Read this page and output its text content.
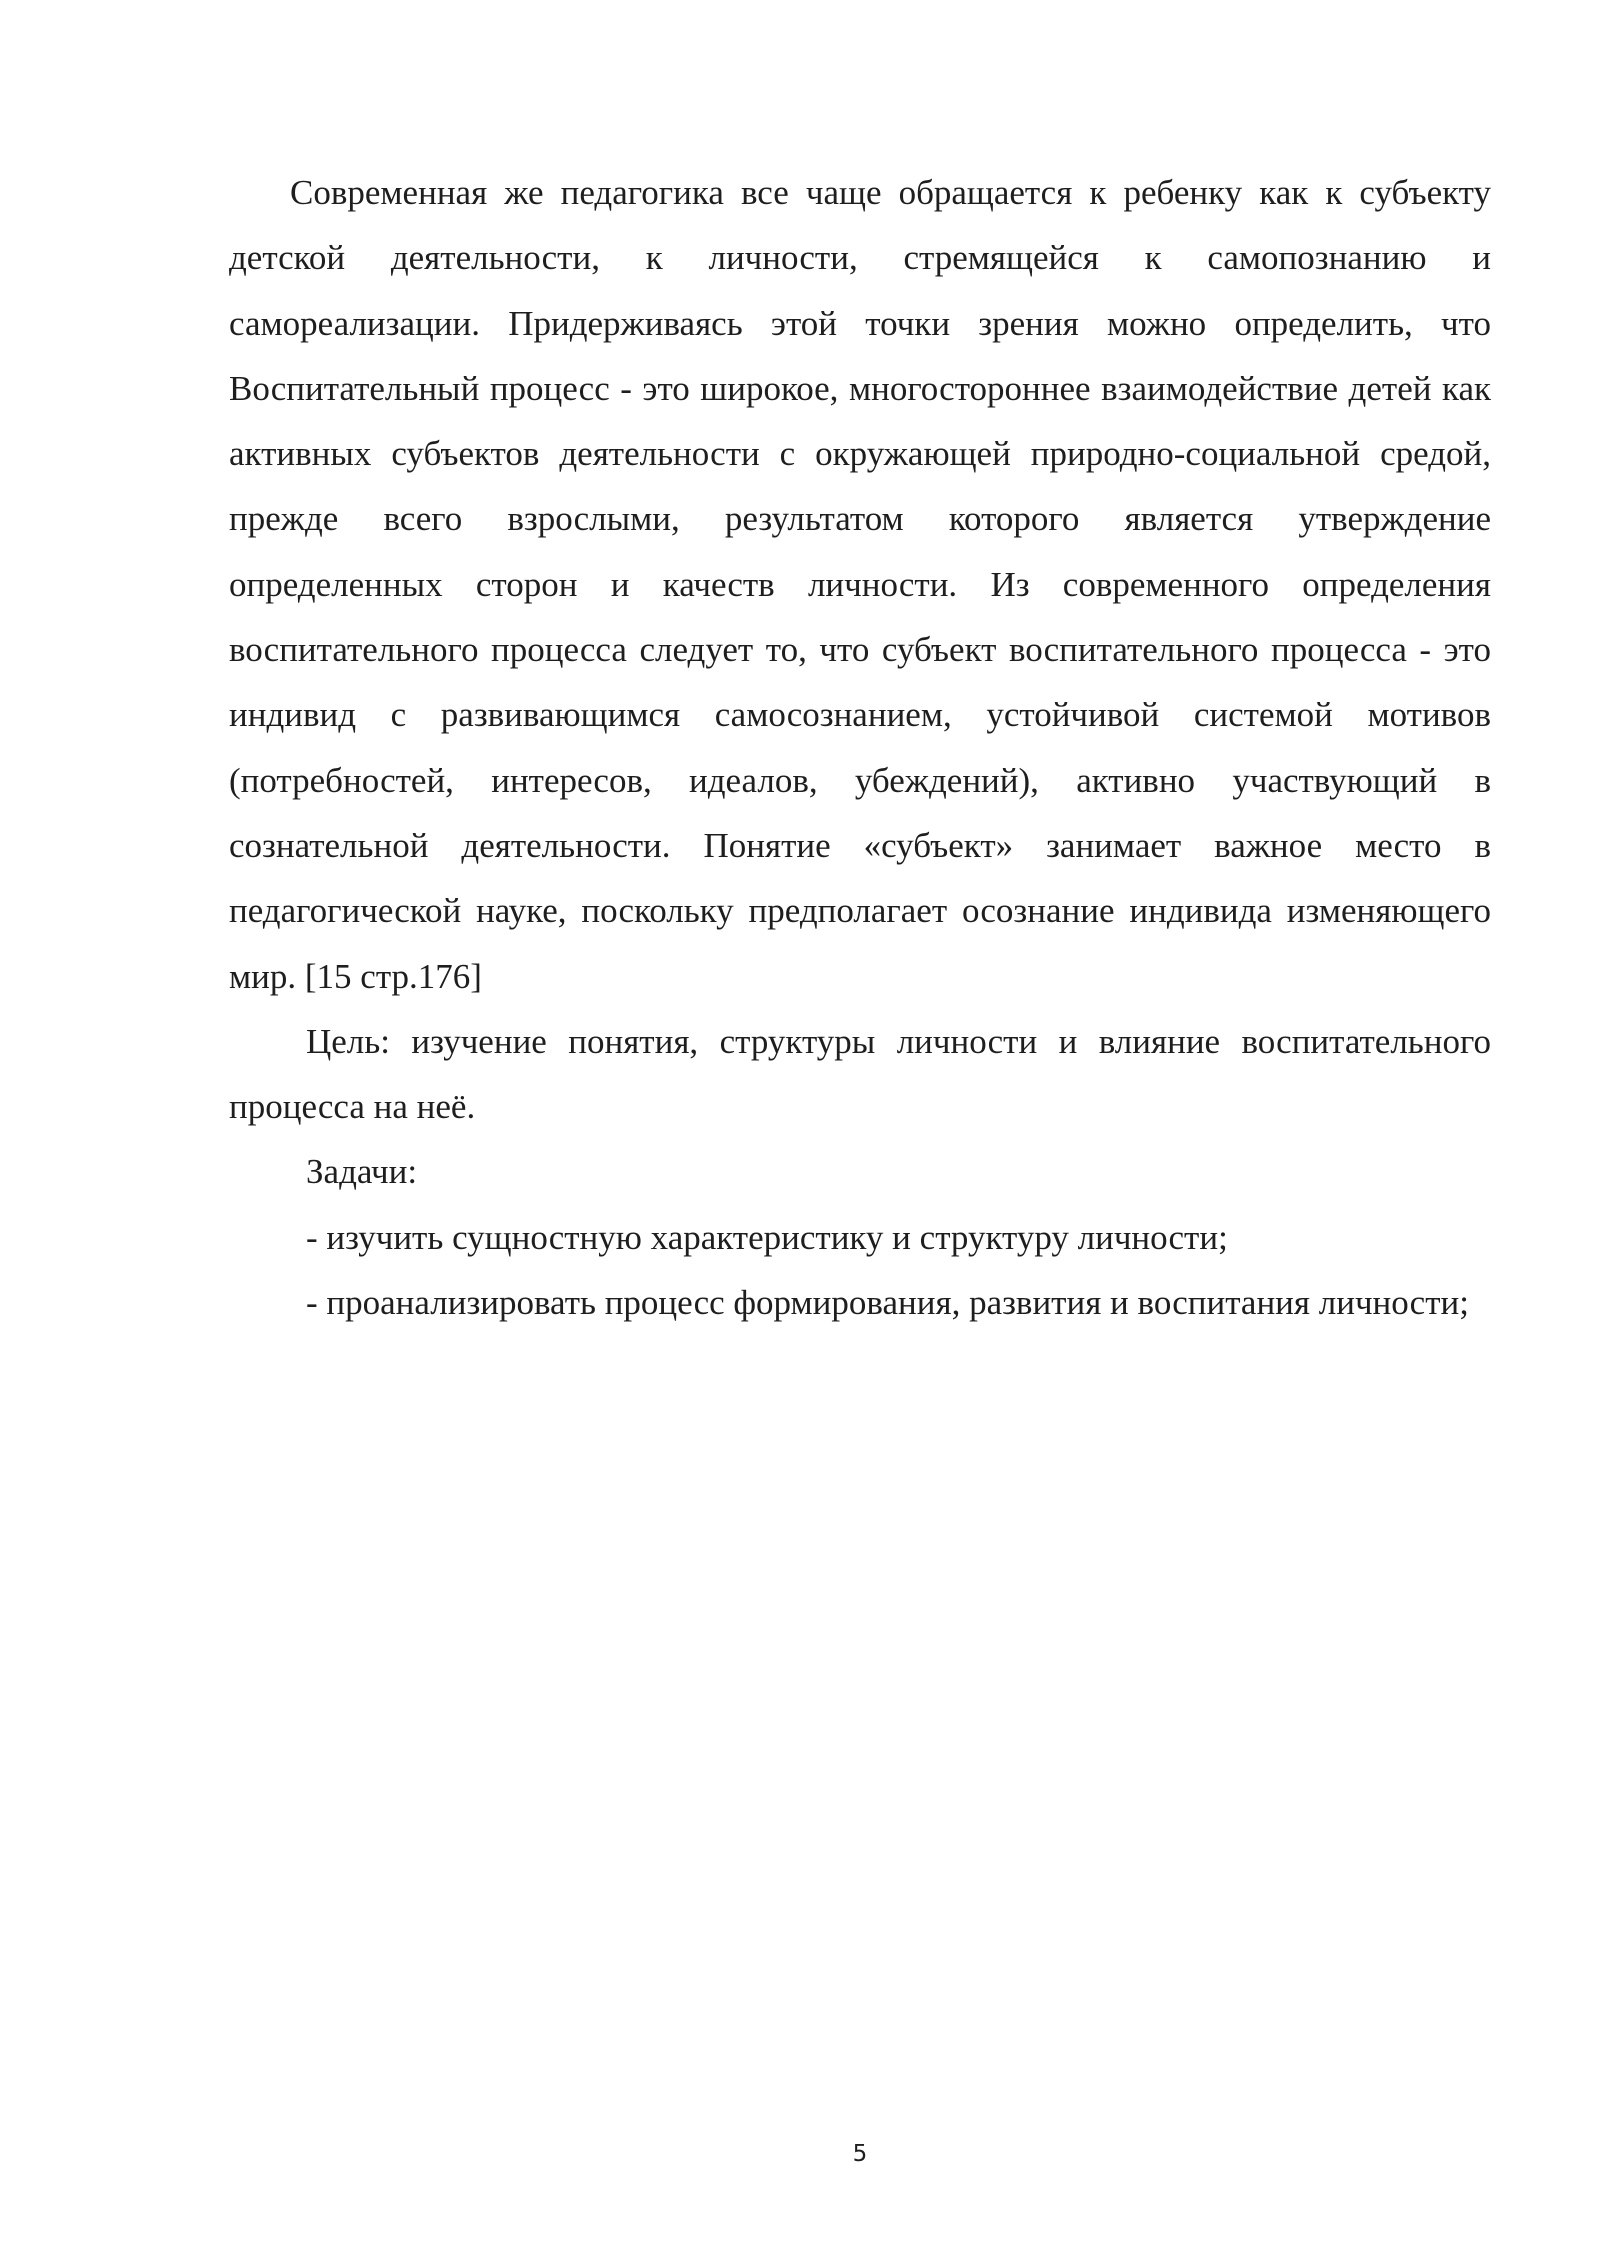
Современная же педагогика все чаще обращается к ребенку как к субъекту детской деятельности, к личности, стремящейся к самопознанию и самореализации. Придерживаясь этой точки зрения можно определить, что Воспитательный процесс - это широкое, многостороннее взаимодействие детей как активных субъектов деятельности с окружающей природно-социальной средой, прежде всего взрослыми, результатом которого является утверждение определенных сторон и качеств личности. Из современного определения воспитательного процесса следует то, что субъект воспитательного процесса - это индивид с развивающимся самосознанием, устойчивой системой мотивов (потребностей, интересов, идеалов, убеждений), активно участвующий в сознательной деятельности. Понятие «субъект» занимает важное место в педагогической науке, поскольку предполагает осознание индивида изменяющего мир. [15 стр.176]

Цель: изучение понятия, структуры личности и влияние воспитательного процесса на неё.

Задачи:

- изучить сущностную характеристику и структуру личности;

- проанализировать процесс формирования, развития и воспитания личности;

5
